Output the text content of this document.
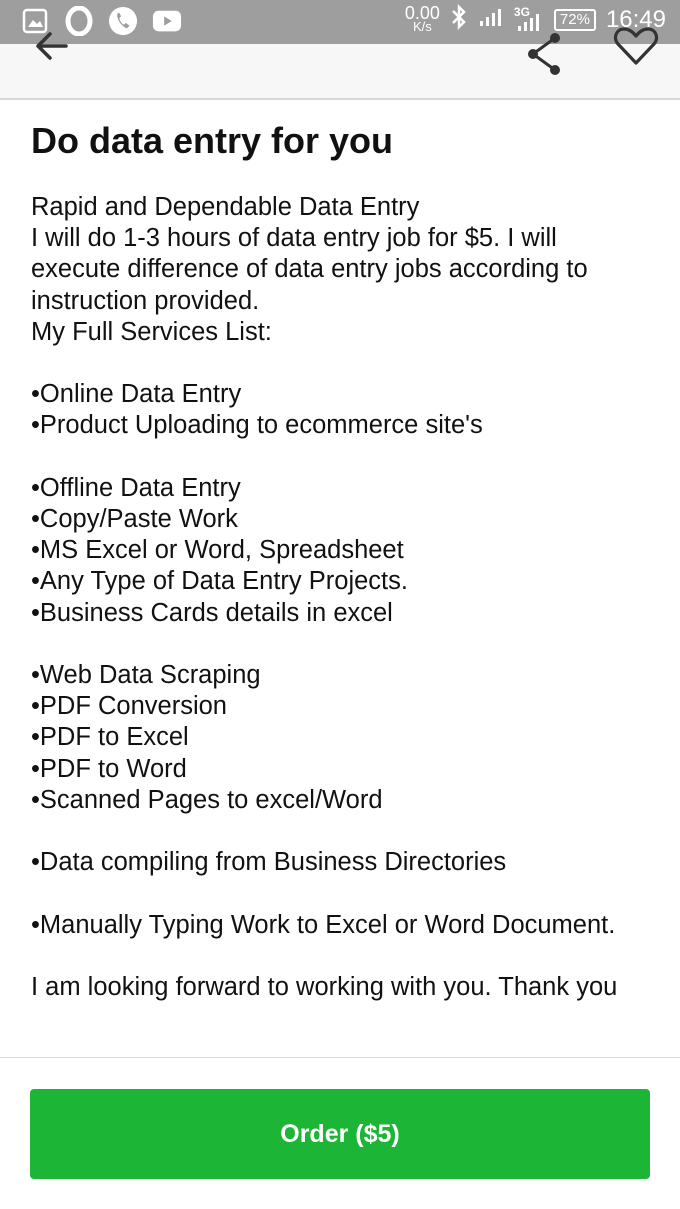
0.00
K/s
3G	72% 16:49
Do data entry for you
Rapid and Dependable Data Entry
I will do 1-3 hours of data entry job for $5. I will execute difference of data entry jobs according to instruction provided.
My Full Services List:

•Online Data Entry
•Product Uploading to ecommerce site's

•Offline Data Entry
•Copy/Paste Work
•MS Excel or Word, Spreadsheet
•Any Type of Data Entry Projects.
•Business Cards details in excel

•Web Data Scraping
•PDF Conversion
•PDF to Excel
•PDF to Word
•Scanned Pages to excel/Word

•Data compiling from Business Directories

•Manually Typing Work to Excel or Word Document.

I am looking forward to working with you. Thank you
Order ($5)
